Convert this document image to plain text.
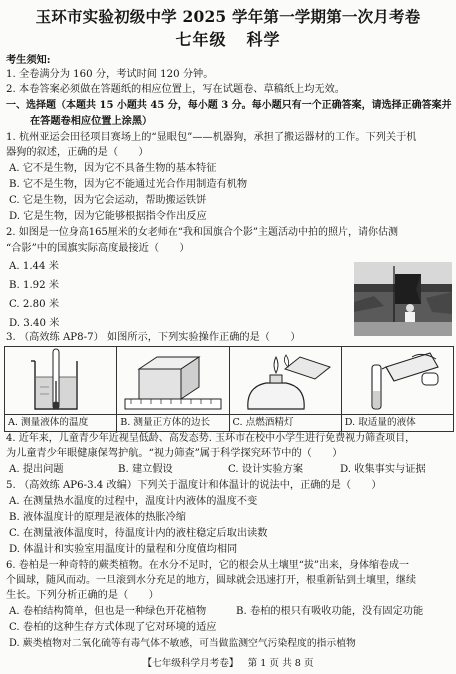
玉环市实验初级中学 2025 学年第一学期第一次月考卷
七年级 科学
考生须知:
1. 全卷满分为 160 分，考试时间 120 分钟。
2. 本卷答案必须做在答题纸的相应位置上，写在试题卷、草稿纸上均无效。
一、选择题（本题共 15 小题共 45 分，每小题 3 分。每小题只有一个正确答案，请选择正确答案并
在答题卷相应位置上涂黑）
1. 杭州亚运会田径项目赛场上的“显眼包”——机器狗，承担了搬运器材的工作。下列关于机
器狗的叙述，正确的是（　　）
A. 它不是生物，因为它不具备生物的基本特征
B. 它不是生物，因为它不能通过光合作用制造有机物
C. 它是生物，因为它会运动，帮助搬运铁饼
D. 它是生物，因为它能够根据指令作出反应
2. 如图是一位身高165厘米的女老师在“我和国旗合个影”主题活动中拍的照片，请你估测
“合影”中的国旗实际高度最接近（　　）
A. 1.44 米
B. 1.92 米
C. 2.80 米
D. 3.40 米
3. （高效练 AP8-7） 如图所示，下列实验操作正确的是（　　）
A. 测量液体的温度	B. 测量正方体的边长	C. 点燃酒精灯	D. 取适量的液体
4. 近年来，儿童青少年近视呈低龄、高发态势. 玉环市在校中小学生进行免费视力筛查项目，
为儿童青少年眼健康保驾护航。“视力筛查”属于科学探究环节中的（　　）
A. 提出问题	B. 建立假设	C. 设计实验方案	D. 收集事实与证据
5. （高效练 AP6-3.4 改编）下列关于温度计和体温计的说法中，正确的是（　　）
A. 在测量热水温度的过程中，温度计内液体的温度不变
B. 液体温度计的原理是液体的热胀冷缩
C. 在测量液体温度时，待温度计内的液柱稳定后取出读数
D. 体温计和实验室用温度计的量程和分度值均相同
6. 卷柏是一种奇特的蕨类植物。在水分不足时，它的根会从土壤里“拔”出来，身体缩卷成一
个圆球，随风而动。一旦滚到水分充足的地方，圆球就会迅速打开，根重新钻到土壤里，继续
生长。下列分析正确的是（　　）
A. 卷柏结构简单，但也是一种绿色开花植物	B. 卷柏的根只有吸收功能，没有固定功能
C. 卷柏的这种生存方式体现了它对环境的适应
D. 蕨类植物对二氧化硫等有毒气体不敏感，可当做监测空气污染程度的指示植物
【七年级科学月考卷】 第 1 页 共 8 页
